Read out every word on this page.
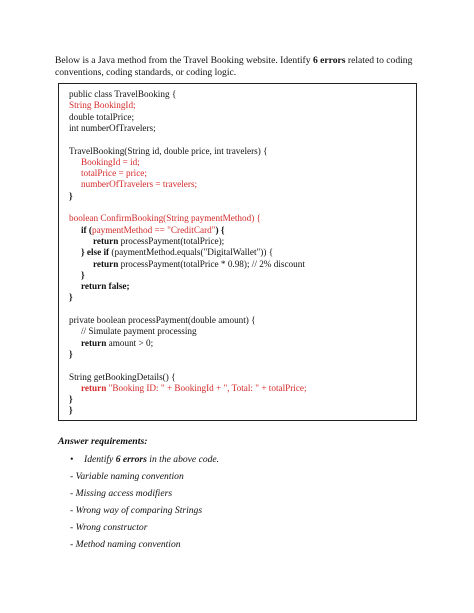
Below is a Java method from the Travel Booking website. Identify 6 errors related to coding conventions, coding standards, or coding logic.
public class TravelBooking {
String BookingId;
double totalPrice;
int numberOfTravelers;
TravelBooking(String id, double price, int travelers) {
BookingId = id;
totalPrice = price;
numberOfTravelers = travelers;
}
boolean ConfirmBooking(String paymentMethod) {
if (paymentMethod == "CreditCard") {
return processPayment(totalPrice);
} else if (paymentMethod.equals("DigitalWallet")) {
return processPayment(totalPrice * 0.98); // 2% discount
}
return false;
}
private boolean processPayment(double amount) {
// Simulate payment processing
return amount > 0;
}
String getBookingDetails() {
return "Booking ID: " + BookingId + ", Total: " + totalPrice;
}
}
Answer requirements:
• Identify 6 errors in the above code.
- Variable naming convention
- Missing access modifiers
- Wrong way of comparing Strings
- Wrong constructor
- Method naming convention
